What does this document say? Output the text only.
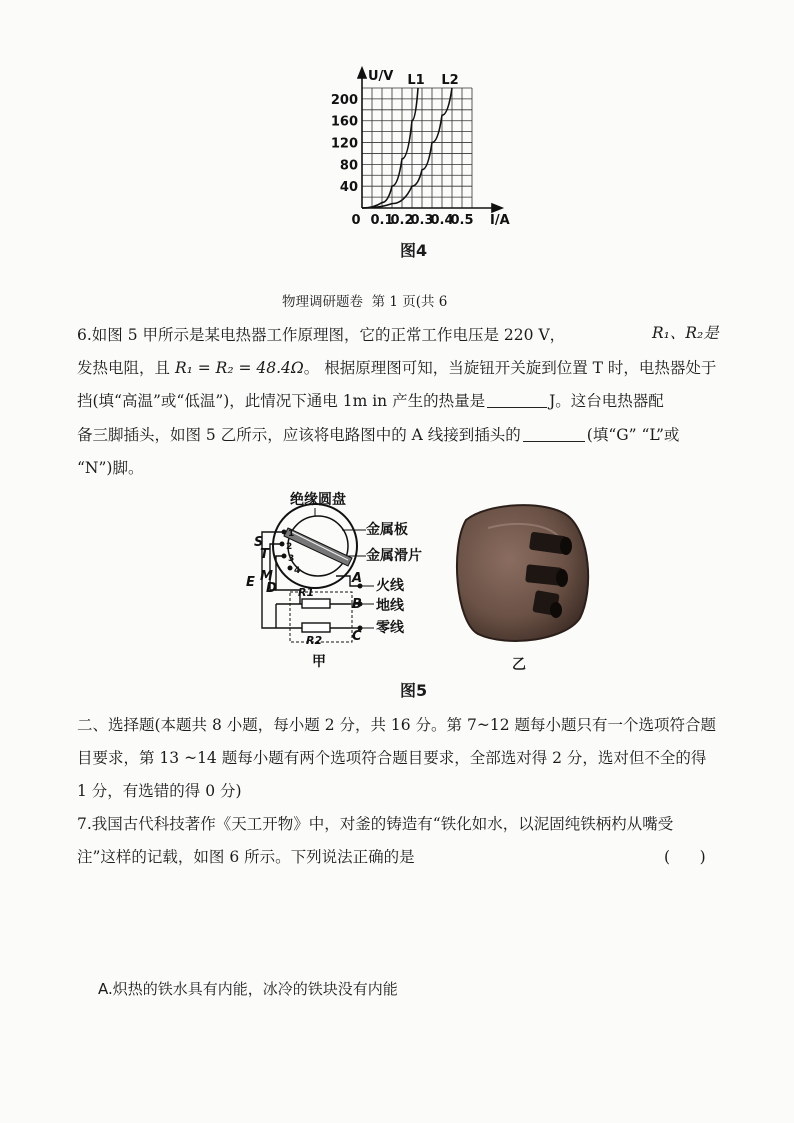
U/V
I/A
L1 L2
40
80
120
160
200
0 0.1
0.2
0.3
0.4
0.5
图4
物理调研题卷  第 1 页(共 6
6.如图 5 甲所示是某电热器工作原理图，它的正常工作电压是 220 V，	R₁、R₂是
发热电阻，且 R₁ = R₂ = 48.4Ω。 根据原理图可知，当旋钮开关旋到位置 T 时，电热器处于
挡(填“高温”或“低温”)，此情况下通电 1m in 产生的热量是	J。这台电热器配
备三脚插头，如图 5 乙所示，应该将电路图中的 A 线接到插头的	(填“G” “L”或
“N”)脚。
1
2
3
4
S
T
M
E D
A
B
C
R1
R2
绝缘圆盘
金属板
金属滑片
火线
地线
零线
甲	乙
图5
二、选择题(本题共 8 小题，每小题 2 分，共 16 分。第 7~12 题每小题只有一个选项符合题
目要求，第 13 ~14 题每小题有两个选项符合题目要求，全部选对得 2 分，选对但不全的得
1 分，有选错的得 0 分)
7.我国古代科技著作《天工开物》中，对釜的铸造有“铁化如水，以泥固纯铁柄杓从嘴受
注”这样的记载，如图 6 所示。下列说法正确的是	(      )
A.炽热的铁水具有内能，冰冷的铁块没有内能
